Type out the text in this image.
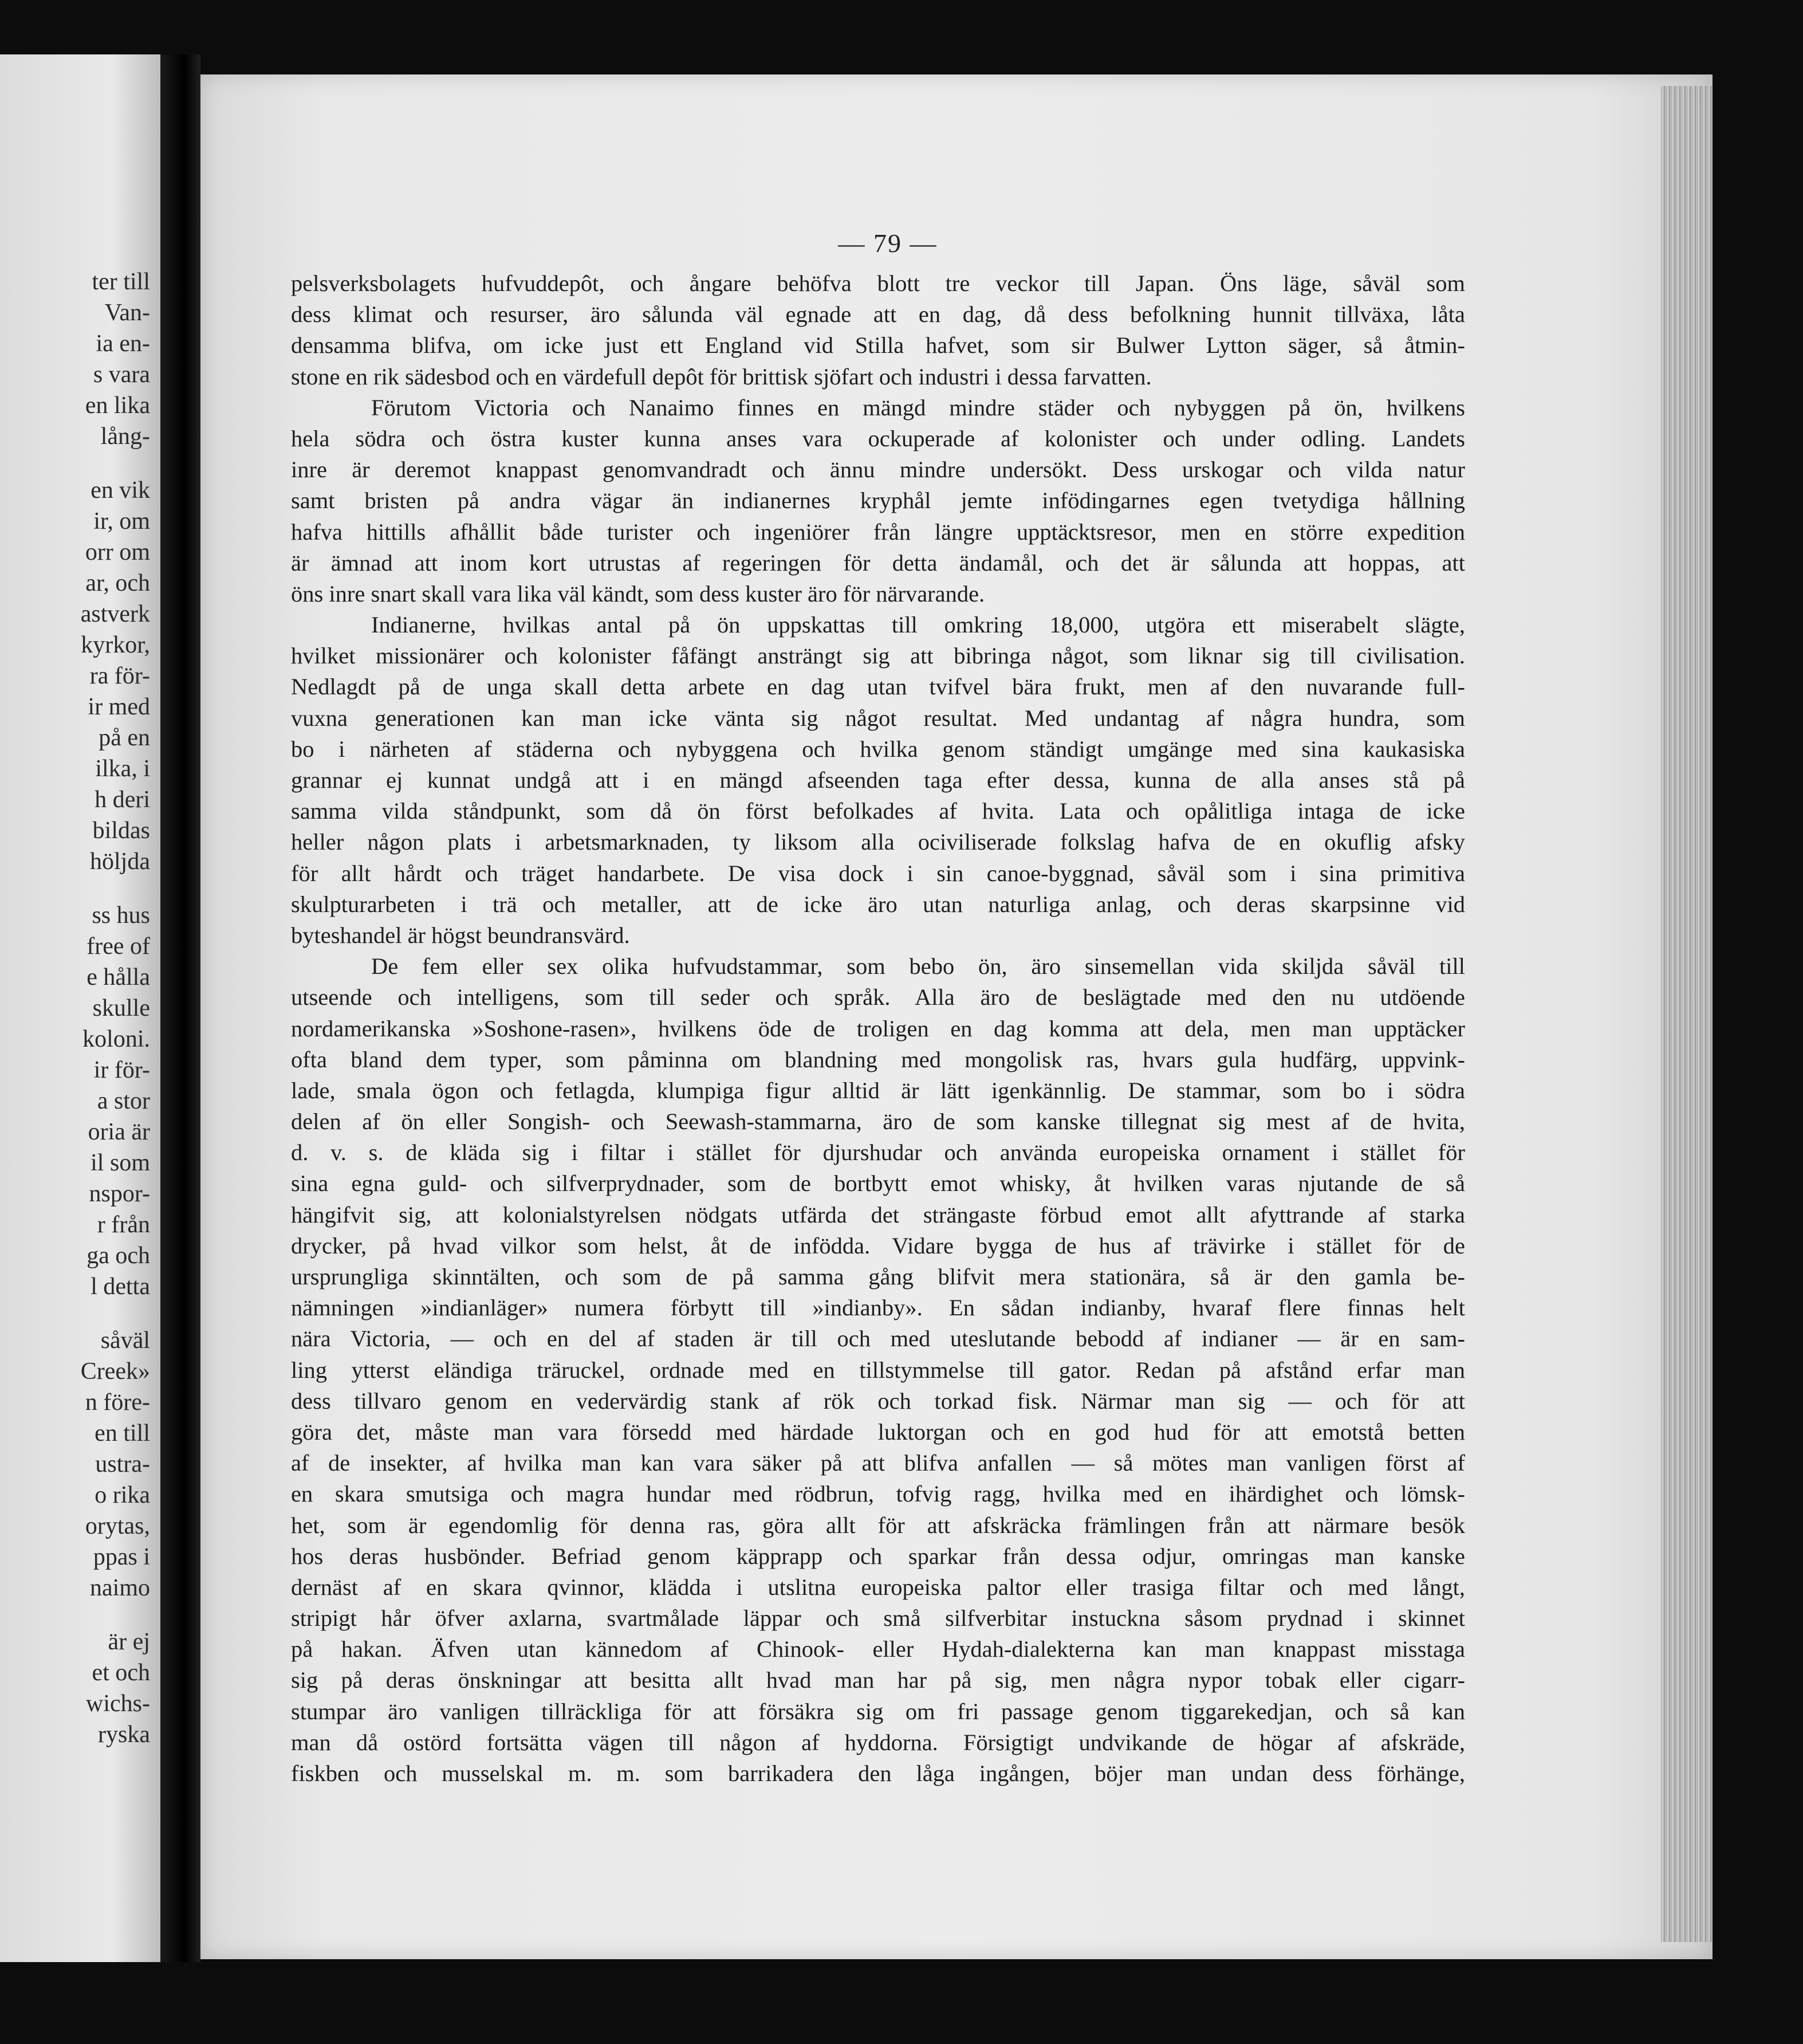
ter till
Van-
ia en-
s vara
en lika
lång-
en vik
ir, om
orr om
ar, och
astverk
kyrkor,
ra för-
ir med
på en
ilka, i
h deri
bildas
höljda
ss hus
free of
e hålla
skulle
koloni.
ir för-
a stor
oria är
il som
nspor-
r från
ga och
l detta
såväl
Creek»
n före-
en till
ustra-
o rika
orytas,
ppas i
naimo
är ej
et och
wichs-
ryska
— 79 —
pelsverksbolagets hufvuddepôt, och ångare behöfva blott tre veckor till Japan. Öns läge, såväl som
dess klimat och resurser, äro sålunda väl egnade att en dag, då dess befolkning hunnit tillväxa, låta
densamma blifva, om icke just ett England vid Stilla hafvet, som sir Bulwer Lytton säger, så åtmin-
stone en rik sädesbod och en värdefull depôt för brittisk sjöfart och industri i dessa farvatten.
Förutom Victoria och Nanaimo finnes en mängd mindre städer och nybyggen på ön, hvilkens
hela södra och östra kuster kunna anses vara ockuperade af kolonister och under odling. Landets
inre är deremot knappast genomvandradt och ännu mindre undersökt. Dess urskogar och vilda natur
samt bristen på andra vägar än indianernes kryphål jemte infödingarnes egen tvetydiga hållning
hafva hittills afhållit både turister och ingeniörer från längre upptäcktsresor, men en större expedition
är ämnad att inom kort utrustas af regeringen för detta ändamål, och det är sålunda att hoppas, att
öns inre snart skall vara lika väl kändt, som dess kuster äro för närvarande.
Indianerne, hvilkas antal på ön uppskattas till omkring 18,000, utgöra ett miserabelt slägte,
hvilket missionärer och kolonister fåfängt ansträngt sig att bibringa något, som liknar sig till civilisation.
Nedlagdt på de unga skall detta arbete en dag utan tvifvel bära frukt, men af den nuvarande full-
vuxna generationen kan man icke vänta sig något resultat. Med undantag af några hundra, som
bo i närheten af städerna och nybyggena och hvilka genom ständigt umgänge med sina kaukasiska
grannar ej kunnat undgå att i en mängd afseenden taga efter dessa, kunna de alla anses stå på
samma vilda ståndpunkt, som då ön först befolkades af hvita. Lata och opålitliga intaga de icke
heller någon plats i arbetsmarknaden, ty liksom alla ociviliserade folkslag hafva de en okuflig afsky
för allt hårdt och träget handarbete. De visa dock i sin canoe-byggnad, såväl som i sina primitiva
skulpturarbeten i trä och metaller, att de icke äro utan naturliga anlag, och deras skarpsinne vid
byteshandel är högst beundransvärd.
De fem eller sex olika hufvudstammar, som bebo ön, äro sinsemellan vida skiljda såväl till
utseende och intelligens, som till seder och språk. Alla äro de beslägtade med den nu utdöende
nordamerikanska »Soshone-rasen», hvilkens öde de troligen en dag komma att dela, men man upptäcker
ofta bland dem typer, som påminna om blandning med mongolisk ras, hvars gula hudfärg, uppvink-
lade, smala ögon och fetlagda, klumpiga figur alltid är lätt igenkännlig. De stammar, som bo i södra
delen af ön eller Songish- och Seewash-stammarna, äro de som kanske tillegnat sig mest af de hvita,
d. v. s. de kläda sig i filtar i stället för djurshudar och använda europeiska ornament i stället för
sina egna guld- och silfverprydnader, som de bortbytt emot whisky, åt hvilken varas njutande de så
hängifvit sig, att kolonialstyrelsen nödgats utfärda det strängaste förbud emot allt afyttrande af starka
drycker, på hvad vilkor som helst, åt de infödda. Vidare bygga de hus af trävirke i stället för de
ursprungliga skinntälten, och som de på samma gång blifvit mera stationära, så är den gamla be-
nämningen »indianläger» numera förbytt till »indianby». En sådan indianby, hvaraf flere finnas helt
nära Victoria, — och en del af staden är till och med uteslutande bebodd af indianer — är en sam-
ling ytterst eländiga träruckel, ordnade med en tillstymmelse till gator. Redan på afstånd erfar man
dess tillvaro genom en vedervärdig stank af rök och torkad fisk. Närmar man sig — och för att
göra det, måste man vara försedd med härdade luktorgan och en god hud för att emotstå betten
af de insekter, af hvilka man kan vara säker på att blifva anfallen — så mötes man vanligen först af
en skara smutsiga och magra hundar med rödbrun, tofvig ragg, hvilka med en ihärdighet och lömsk-
het, som är egendomlig för denna ras, göra allt för att afskräcka främlingen från att närmare besök
hos deras husbönder. Befriad genom käpprapp och sparkar från dessa odjur, omringas man kanske
dernäst af en skara qvinnor, klädda i utslitna europeiska paltor eller trasiga filtar och med långt,
stripigt hår öfver axlarna, svartmålade läppar och små silfverbitar instuckna såsom prydnad i skinnet
på hakan. Äfven utan kännedom af Chinook- eller Hydah-dialekterna kan man knappast misstaga
sig på deras önskningar att besitta allt hvad man har på sig, men några nypor tobak eller cigarr-
stumpar äro vanligen tillräckliga för att försäkra sig om fri passage genom tiggarekedjan, och så kan
man då ostörd fortsätta vägen till någon af hyddorna. Försigtigt undvikande de högar af afskräde,
fiskben och musselskal m. m. som barrikadera den låga ingången, böjer man undan dess förhänge,
